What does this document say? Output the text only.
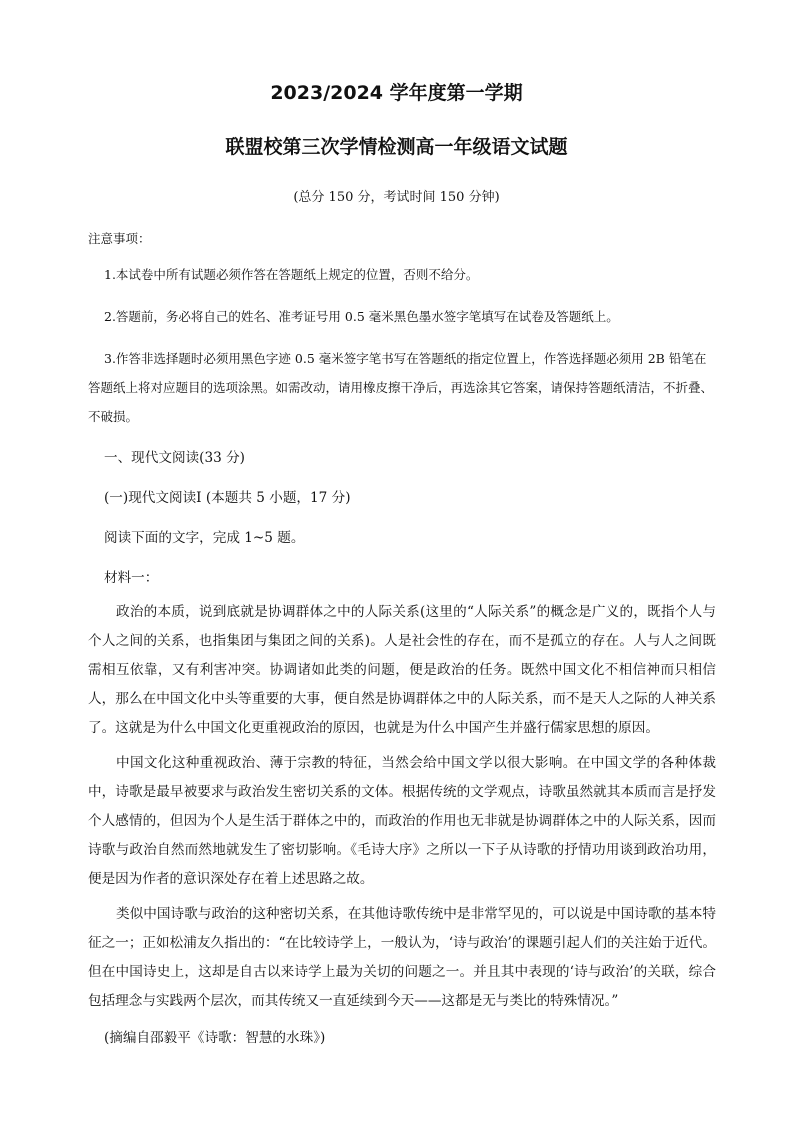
2023/2024 学年度第一学期
联盟校第三次学情检测高一年级语文试题
(总分 150 分，考试时间 150 分钟)
注意事项：

1.本试卷中所有试题必须作答在答题纸上规定的位置，否则不给分。

2.答题前，务必将自己的姓名、准考证号用 0.5 毫米黑色墨水签字笔填写在试卷及答题纸上。

3.作答非选择题时必须用黑色字迹 0.5 毫米签字笔书写在答题纸的指定位置上，作答选择题必须用 2B 铅笔在答题纸上将对应题目的选项涂黑。如需改动，请用橡皮擦干净后，再选涂其它答案，请保持答题纸清洁，不折叠、不破损。

一、现代文阅读(33 分)
(一)现代文阅读Ⅰ (本题共 5 小题，17 分)
阅读下面的文字，完成 1~5 题。
材料一：

政治的本质，说到底就是协调群体之中的人际关系(这里的“人际关系”的概念是广义的，既指个人与个人之间的关系，也指集团与集团之间的关系)。人是社会性的存在，而不是孤立的存在。人与人之间既需相互依靠，又有利害冲突。协调诸如此类的问题，便是政治的任务。既然中国文化不相信神而只相信人，那么在中国文化中头等重要的大事，便自然是协调群体之中的人际关系，而不是天人之际的人神关系了。这就是为什么中国文化更重视政治的原因，也就是为什么中国产生并盛行儒家思想的原因。

中国文化这种重视政治、薄于宗教的特征，当然会给中国文学以很大影响。在中国文学的各种体裁中，诗歌是最早被要求与政治发生密切关系的文体。根据传统的文学观点，诗歌虽然就其本质而言是抒发个人感情的，但因为个人是生活于群体之中的，而政治的作用也无非就是协调群体之中的人际关系，因而诗歌与政治自然而然地就发生了密切影响。《毛诗大序》之所以一下子从诗歌的抒情功用谈到政治功用，便是因为作者的意识深处存在着上述思路之故。

类似中国诗歌与政治的这种密切关系，在其他诗歌传统中是非常罕见的，可以说是中国诗歌的基本特征之一；正如松浦友久指出的：“在比较诗学上，一般认为，‘诗与政治’的课题引起人们的关注始于近代。但在中国诗史上，这却是自古以来诗学上最为关切的问题之一。并且其中表现的‘诗与政治’的关联，综合包括理念与实践两个层次，而其传统又一直延续到今天——这都是无与类比的特殊情况。”

(摘编自邵毅平《诗歌：智慧的水珠》)
